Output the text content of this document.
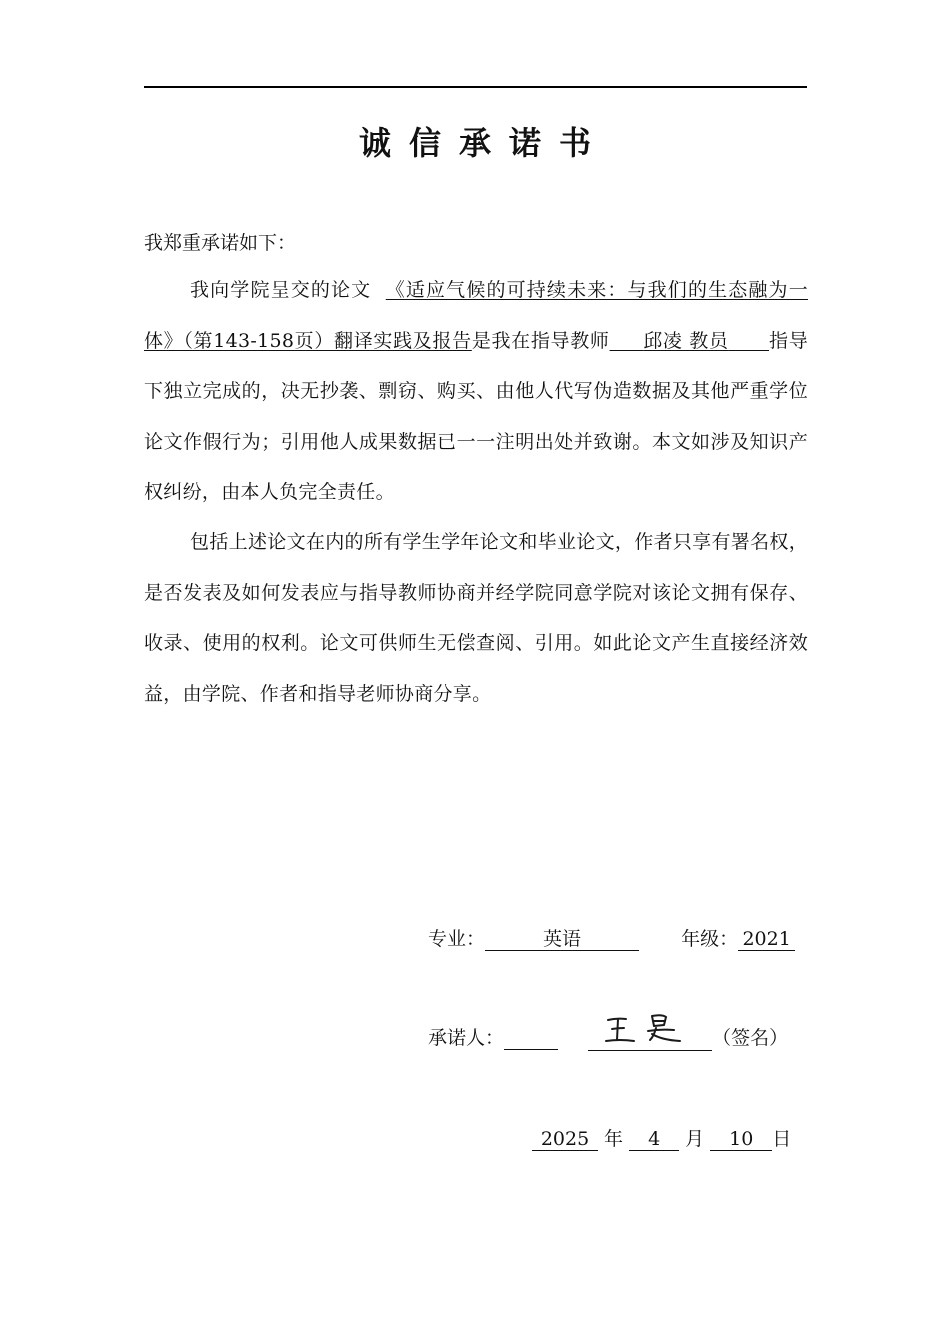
诚信承诺书
我郑重承诺如下：
我向学院呈交的论文 《适应气候的可持续未来：与我们的生态融为一体》（第143-158页）翻译实践及报告是我在指导教师 邱凌 教员 指导下独立完成的，决无抄袭、剽窃、购买、由他人代写伪造数据及其他严重学位论文作假行为；引用他人成果数据已一一注明出处并致谢。本文如涉及知识产权纠纷，由本人负完全责任。
包括上述论文在内的所有学生学年论文和毕业论文，作者只享有署名权，是否发表及如何发表应与指导教师协商并经学院同意学院对该论文拥有保存、收录、使用的权利。论文可供师生无偿查阅、引用。如此论文产生直接经济效益，由学院、作者和指导老师协商分享。
专业：	英语	年级： 2021
承诺人：	（签名）
2025 年 4 月 10 日
